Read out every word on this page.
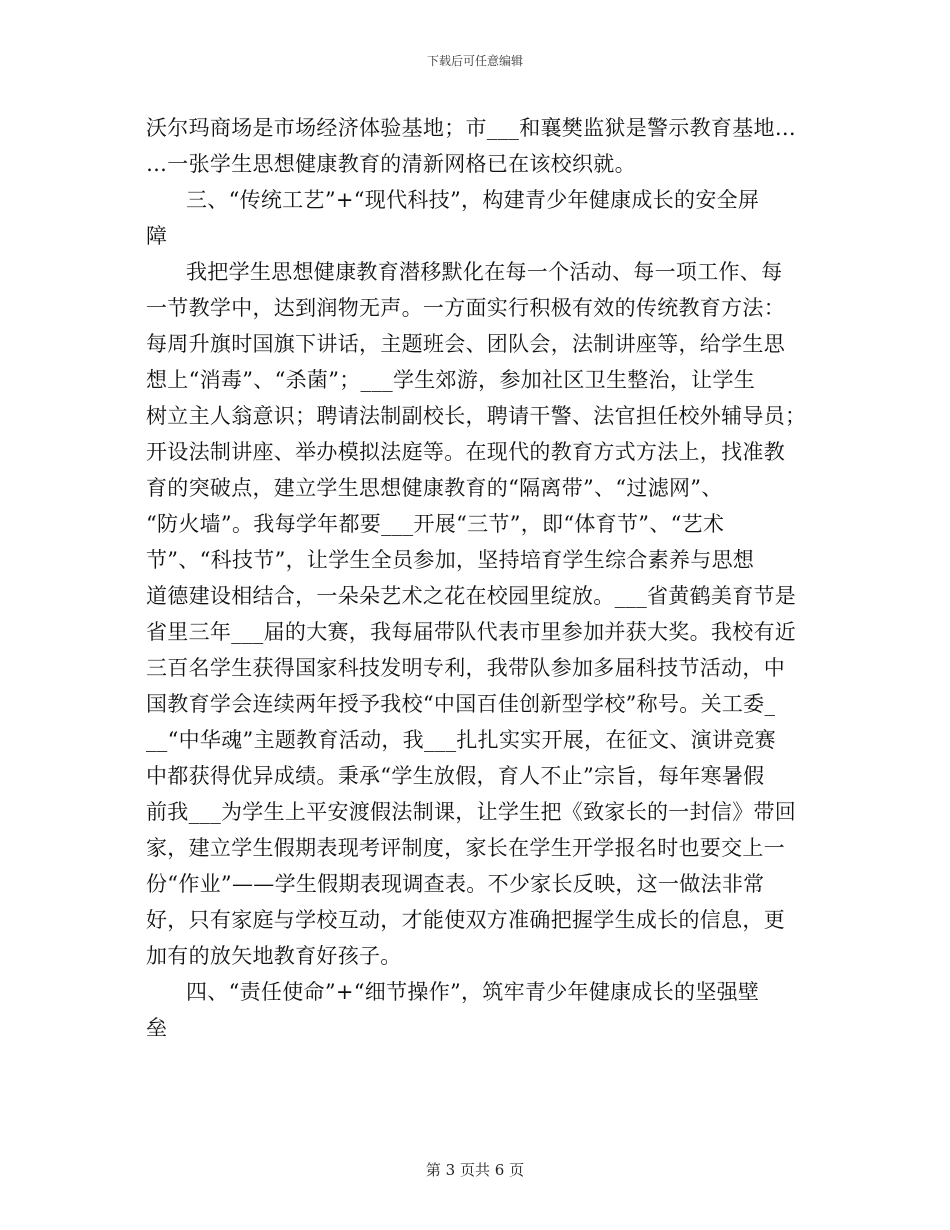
下载后可任意编辑
沃尔玛商场是市场经济体验基地；市___和襄樊监狱是警示教育基地…
…一张学生思想健康教育的清新网格已在该校织就。
三、“传统工艺”+“现代科技”，构建青少年健康成长的安全屏
障
我把学生思想健康教育潜移默化在每一个活动、每一项工作、每
一节教学中，达到润物无声。一方面实行积极有效的传统教育方法：
每周升旗时国旗下讲话，主题班会、团队会，法制讲座等，给学生思
想上“消毒”、“杀菌”；___学生郊游，参加社区卫生整治，让学生
树立主人翁意识；聘请法制副校长，聘请干警、法官担任校外辅导员；
开设法制讲座、举办模拟法庭等。在现代的教育方式方法上，找准教
育的突破点，建立学生思想健康教育的“隔离带”、“过滤网”、
“防火墙”。我每学年都要___开展“三节”，即“体育节”、“艺术
节”、“科技节”，让学生全员参加，坚持培育学生综合素养与思想
道德建设相结合，一朵朵艺术之花在校园里绽放。___省黄鹤美育节是
省里三年___届的大赛，我每届带队代表市里参加并获大奖。我校有近
三百名学生获得国家科技发明专利，我带队参加多届科技节活动，中
国教育学会连续两年授予我校“中国百佳创新型学校”称号。关工委_
__“中华魂”主题教育活动，我___扎扎实实开展，在征文、演讲竞赛
中都获得优异成绩。秉承“学生放假，育人不止”宗旨，每年寒暑假
前我___为学生上平安渡假法制课，让学生把《致家长的一封信》带回
家，建立学生假期表现考评制度，家长在学生开学报名时也要交上一
份“作业”——学生假期表现调查表。不少家长反映，这一做法非常
好，只有家庭与学校互动，才能使双方准确把握学生成长的信息，更
加有的放矢地教育好孩子。
四、“责任使命”+“细节操作”，筑牢青少年健康成长的坚强壁
垒
第 3 页共 6 页
